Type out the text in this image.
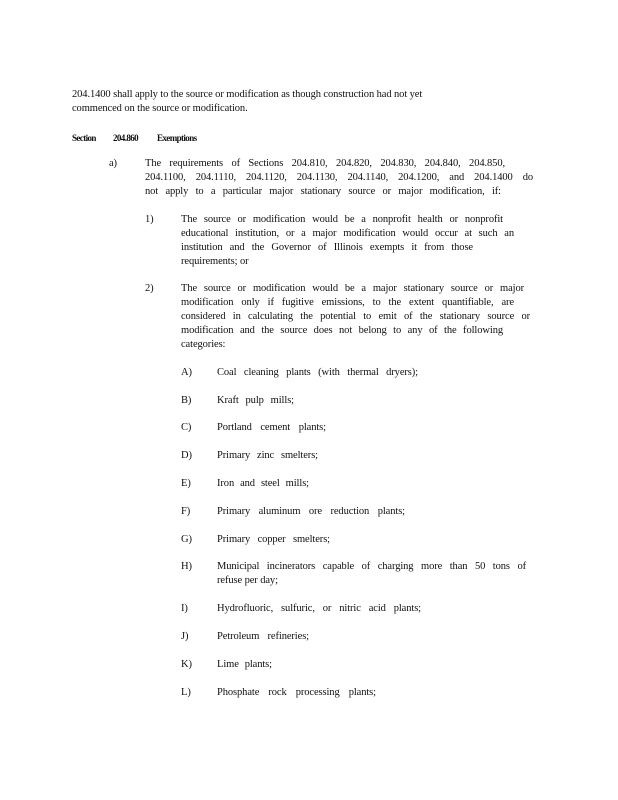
204.1400 shall apply to the source or modification as though construction had not yet
commenced on the source or modification.
Section 204.860 Exemptions
a)	The requirements of Sections 204.810, 204.820, 204.830, 204.840, 204.850,
204.1100, 204.1110, 204.1120, 204.1130, 204.1140, 204.1200, and 204.1400 do
not apply to a particular major stationary source or major modification, if:
1)	The source or modification would be a nonprofit health or nonprofit
educational institution, or a major modification would occur at such an
institution and the Governor of Illinois exempts it from those
requirements; or
2)	The source or modification would be a major stationary source or major
modification only if fugitive emissions, to the extent quantifiable, are
considered in calculating the potential to emit of the stationary source or
modification and the source does not belong to any of the following
categories:
A) Coal cleaning plants (with thermal dryers);
B) Kraft pulp mills;
C) Portland cement plants;
D) Primary zinc smelters;
E)	Iron and steel mills;
F)	Primary aluminum ore reduction plants;
G) Primary copper smelters;
H) Municipal incinerators capable of charging more than 50 tons of
refuse per day;
I)	Hydrofluoric, sulfuric, or nitric acid plants;
J)	Petroleum refineries;
K) Lime plants;
L)	Phosphate rock processing plants;
